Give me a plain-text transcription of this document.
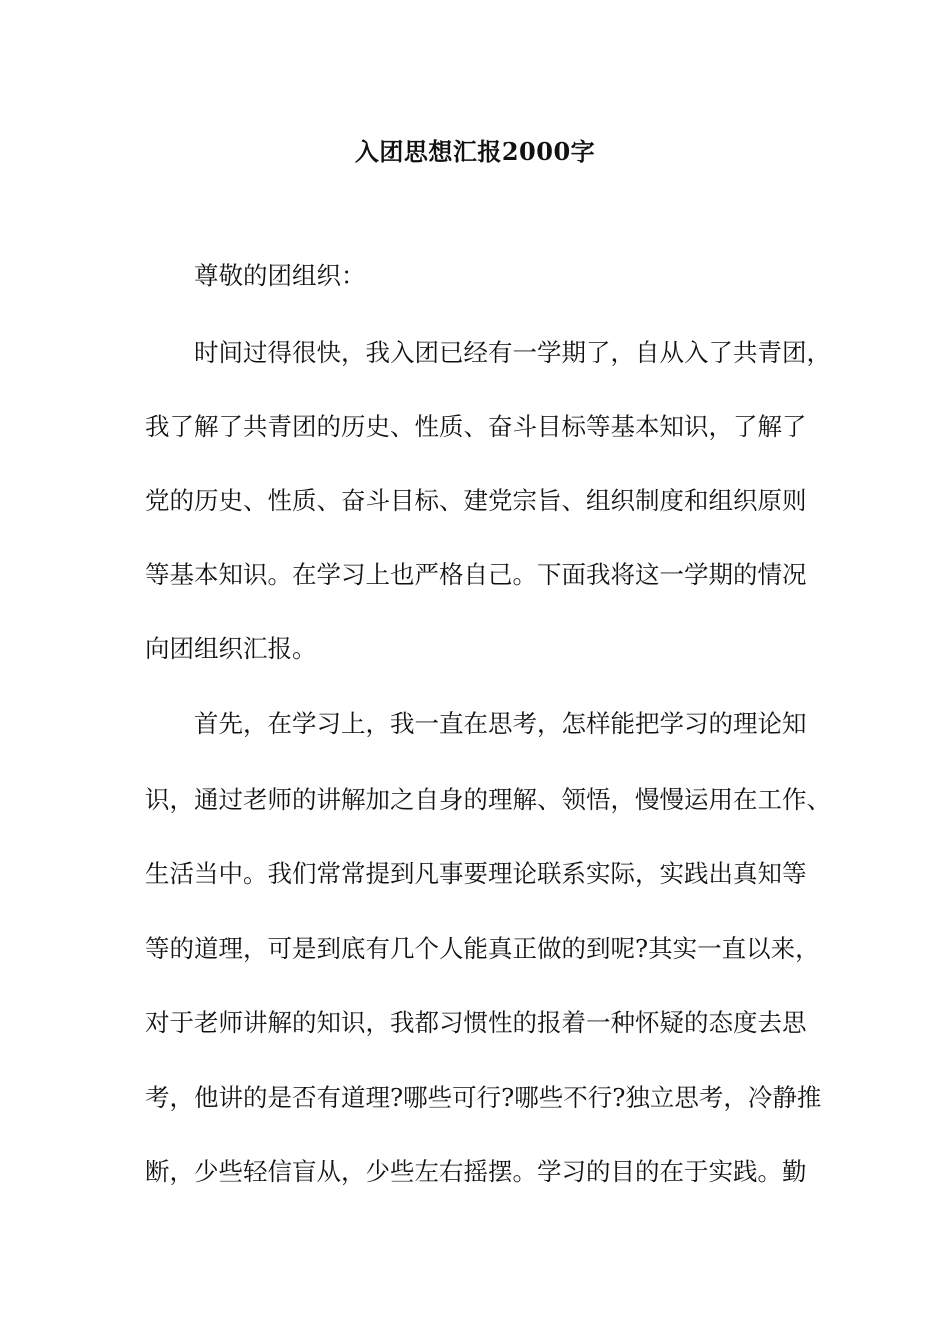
入团思想汇报2000字

尊敬的团组织：

时间过得很快，我入团已经有一学期了，自从入了共青团，

我了解了共青团的历史、性质、奋斗目标等基本知识，了解了

党的历史、性质、奋斗目标、建党宗旨、组织制度和组织原则

等基本知识。在学习上也严格自己。下面我将这一学期的情况

向团组织汇报。

首先，在学习上，我一直在思考，怎样能把学习的理论知

识，通过老师的讲解加之自身的理解、领悟，慢慢运用在工作、

生活当中。我们常常提到凡事要理论联系实际，实践出真知等

等的道理，可是到底有几个人能真正做的到呢?其实一直以来，

对于老师讲解的知识，我都习惯性的报着一种怀疑的态度去思

考，他讲的是否有道理?哪些可行?哪些不行?独立思考，冷静推

断，少些轻信盲从，少些左右摇摆。学习的目的在于实践。勤
